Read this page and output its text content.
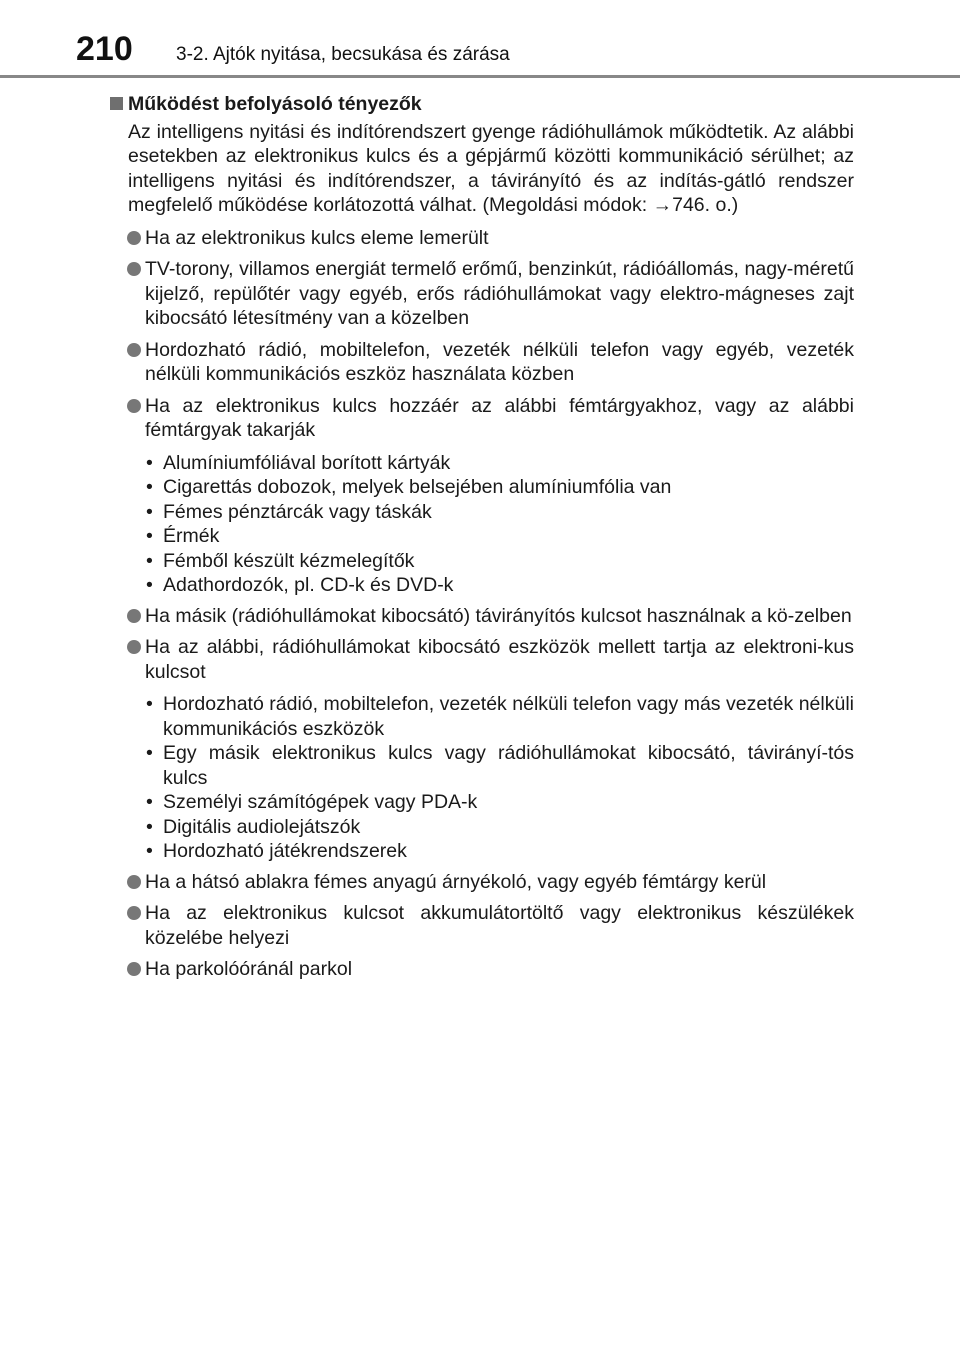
210 3-2. Ajtók nyitása, becsukása és zárása
Működést befolyásoló tényezők
Az intelligens nyitási és indítórendszert gyenge rádióhullámok működtetik. Az alábbi esetekben az elektronikus kulcs és a gépjármű közötti kommunikáció sérülhet; az intelligens nyitási és indítórendszer, a távirányító és az indítás-gátló rendszer megfelelő működése korlátozottá válhat. (Megoldási módok: →746. o.)
Ha az elektronikus kulcs eleme lemerült
TV-torony, villamos energiát termelő erőmű, benzinkút, rádióállomás, nagy-méretű kijelző, repülőtér vagy egyéb, erős rádióhullámokat vagy elektro-mágneses zajt kibocsátó létesítmény van a közelben
Hordozható rádió, mobiltelefon, vezeték nélküli telefon vagy egyéb, vezeték nélküli kommunikációs eszköz használata közben
Ha az elektronikus kulcs hozzáér az alábbi fémtárgyakhoz, vagy az alábbi fémtárgyak takarják
• Alumíniumfóliával borított kártyák
• Cigarettás dobozok, melyek belsejében alumíniumfólia van
• Fémes pénztárcák vagy táskák
• Érmék
• Fémből készült kézmelegítők
• Adathordozók, pl. CD-k és DVD-k
Ha másik (rádióhullámokat kibocsátó) távirányítós kulcsot használnak a kö-zelben
Ha az alábbi, rádióhullámokat kibocsátó eszközök mellett tartja az elektroni-kus kulcsot
• Hordozható rádió, mobiltelefon, vezeték nélküli telefon vagy más vezeték nélküli kommunikációs eszközök
• Egy másik elektronikus kulcs vagy rádióhullámokat kibocsátó, távirányí-tós kulcs
• Személyi számítógépek vagy PDA-k
• Digitális audiolejátszók
• Hordozható játékrendszerek
Ha a hátsó ablakra fémes anyagú árnyékoló, vagy egyéb fémtárgy kerül
Ha az elektronikus kulcsot akkumulátortöltő vagy elektronikus készülékek közelébe helyezi
Ha parkolóóránál parkol
